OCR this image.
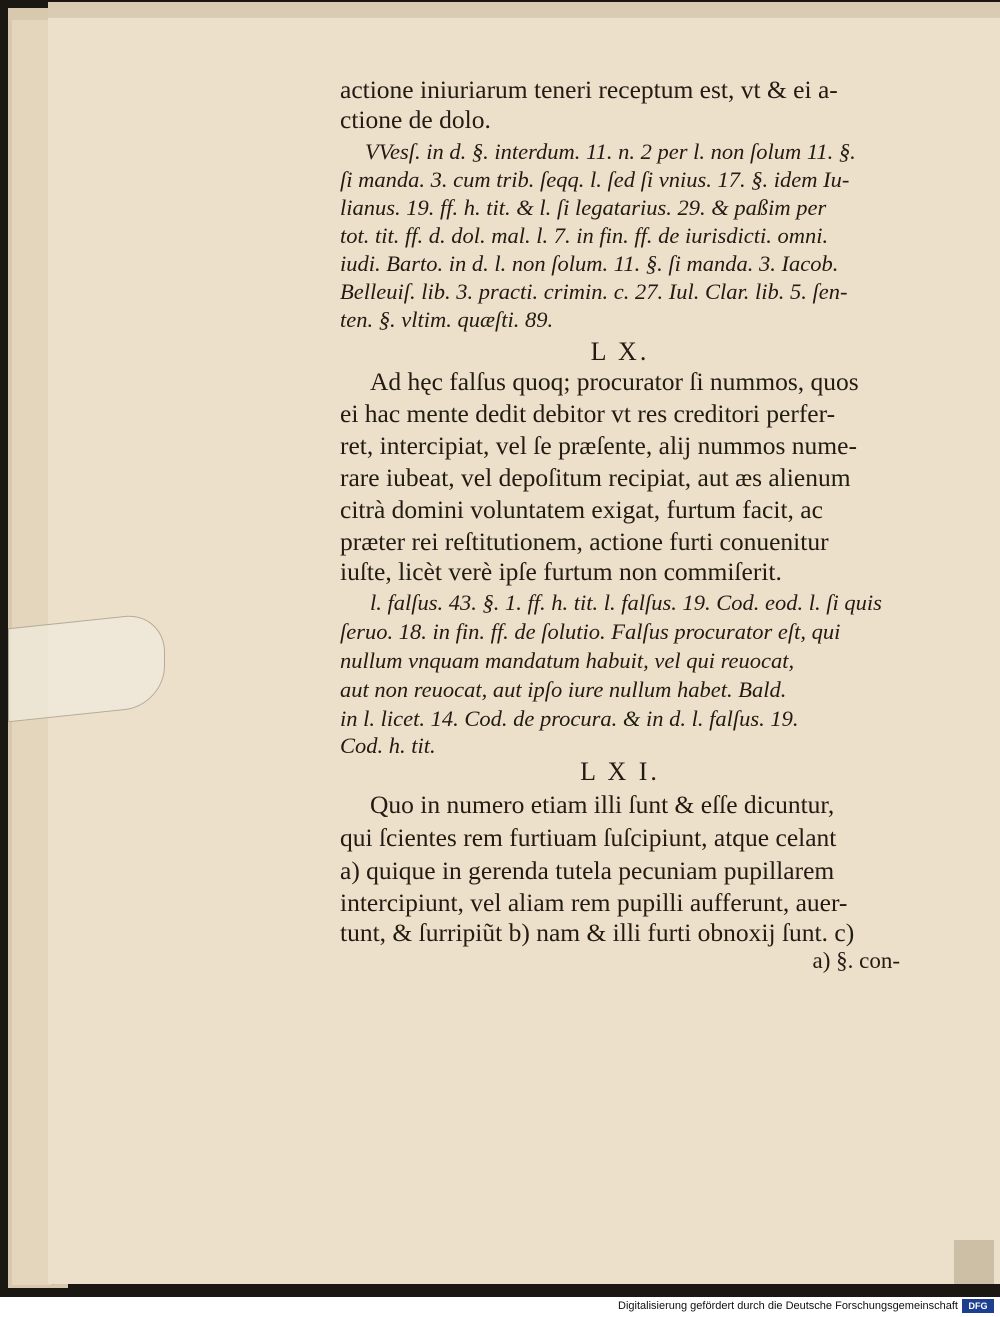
actione iniuriarum teneri receptum est, vt & ei a-
ctione de dolo.
VVesſ. in d. §. interdum. 11. n. 2 per l. non ſolum 11. §.
ſi manda. 3. cum trib. ſeqq. l. ſed ſi vnius. 17. §. idem Iu-
lianus. 19. ff. h. tit. & l. ſi legatarius. 29. & paßim per
tot. tit. ff. d. dol. mal. l. 7. in fin. ff. de iurisdicti. omni.
iudi. Barto. in d. l. non ſolum. 11. §. ſi manda. 3. Iacob.
Belleuiſ. lib. 3. practi. crimin. c. 27. Iul. Clar. lib. 5. ſen-
ten. §. vltim. quæſti. 89.
L X.
Ad hęc falſus quoq; procurator ſi nummos, quos
ei hac mente dedit debitor vt res creditori perfer-
ret, intercipiat, vel ſe præſente, alij nummos nume-
rare iubeat, vel depoſitum recipiat, aut æs alienum
citrà domini voluntatem exigat, furtum facit, ac
præter rei reſtitutionem, actione furti conuenitur
iuſte, licèt verè ipſe furtum non commiſerit.
l. falſus. 43. §. 1. ff. h. tit. l. falſus. 19. Cod. eod. l. ſi quis
ſeruo. 18. in fin. ff. de ſolutio. Falſus procurator eſt, qui
nullum vnquam mandatum habuit, vel qui reuocat,
aut non reuocat, aut ipſo iure nullum habet. Bald.
in l. licet. 14. Cod. de procura. & in d. l. falſus. 19.
Cod. h. tit.
L X I.
Quo in numero etiam illi ſunt & eſſe dicuntur,
qui ſcientes rem furtiuam ſuſcipiunt, atque celant
a) quique in gerenda tutela pecuniam pupillarem
intercipiunt, vel aliam rem pupilli aufferunt, auer-
tunt, & ſurripiũt b) nam & illi furti obnoxij ſunt. c)
a) §. con-
Digitalisierung gefördert durch die Deutsche Forschungsgemeinschaft	DFG
